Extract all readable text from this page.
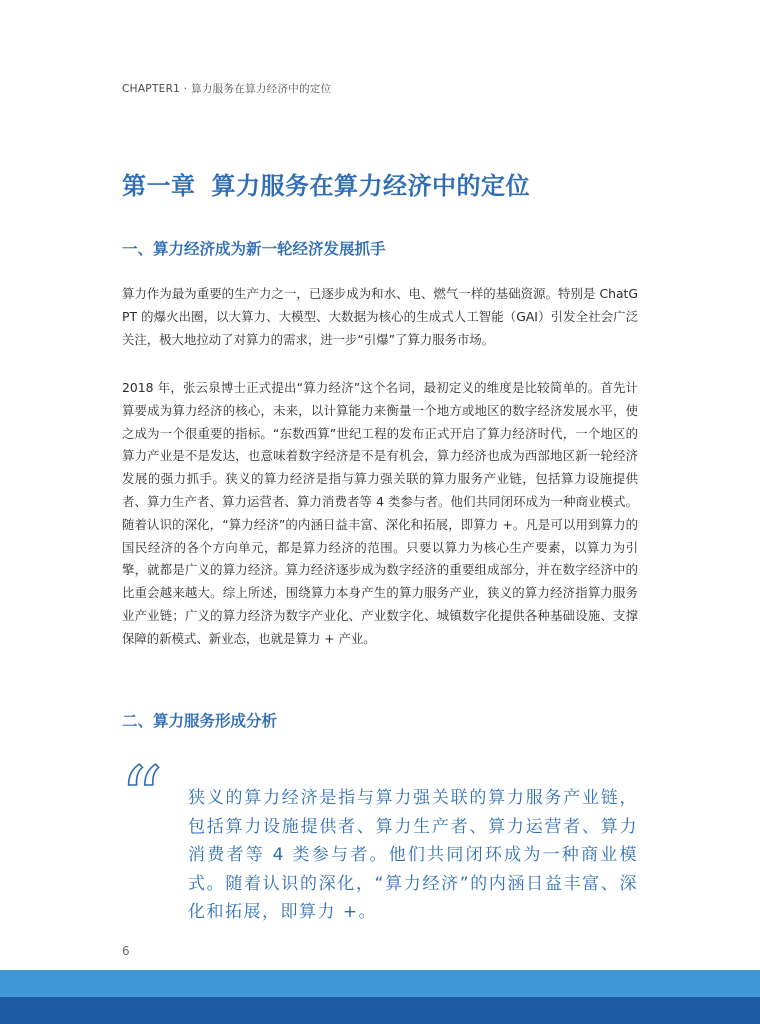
CHAPTER1 · 算力服务在算力经济中的定位
第一章 算力服务在算力经济中的定位
一、算力经济成为新一轮经济发展抓手

算力作为最为重要的生产力之一，已逐步成为和水、电、燃气一样的基础资源。特别是 ChatGPT 的爆火出圈，以大算力、大模型、大数据为核心的生成式人工智能（GAI）引发全社会广泛关注，极大地拉动了对算力的需求，进一步“引爆”了算力服务市场。

2018 年，张云泉博士正式提出“算力经济”这个名词，最初定义的维度是比较简单的。首先计算要成为算力经济的核心，未来，以计算能力来衡量一个地方或地区的数字经济发展水平，使之成为一个很重要的指标。“东数西算”世纪工程的发布正式开启了算力经济时代，一个地区的算力产业是不是发达，也意味着数字经济是不是有机会，算力经济也成为西部地区新一轮经济发展的强力抓手。狭义的算力经济是指与算力强关联的算力服务产业链，包括算力设施提供者、算力生产者、算力运营者、算力消费者等 4 类参与者。他们共同闭环成为一种商业模式。随着认识的深化，“算力经济”的内涵日益丰富、深化和拓展，即算力 +。凡是可以用到算力的国民经济的各个方向单元，都是算力经济的范围。只要以算力为核心生产要素，以算力为引擎，就都是广义的算力经济。算力经济逐步成为数字经济的重要组成部分，并在数字经济中的比重会越来越大。综上所述，围绕算力本身产生的算力服务产业，狭义的算力经济指算力服务业产业链；广义的算力经济为数字产业化、产业数字化、城镇数字化提供各种基础设施、支撑保障的新模式、新业态，也就是算力 + 产业。

二、算力服务形成分析
“ 狭义的算力经济是指与算力强关联的算力服务产业链，包括算力设施提供者、算力生产者、算力运营者、算力消费者等 4 类参与者。他们共同闭环成为一种商业模式。随着认识的深化，“算力经济”的内涵日益丰富、深化和拓展，即算力 +。

6
